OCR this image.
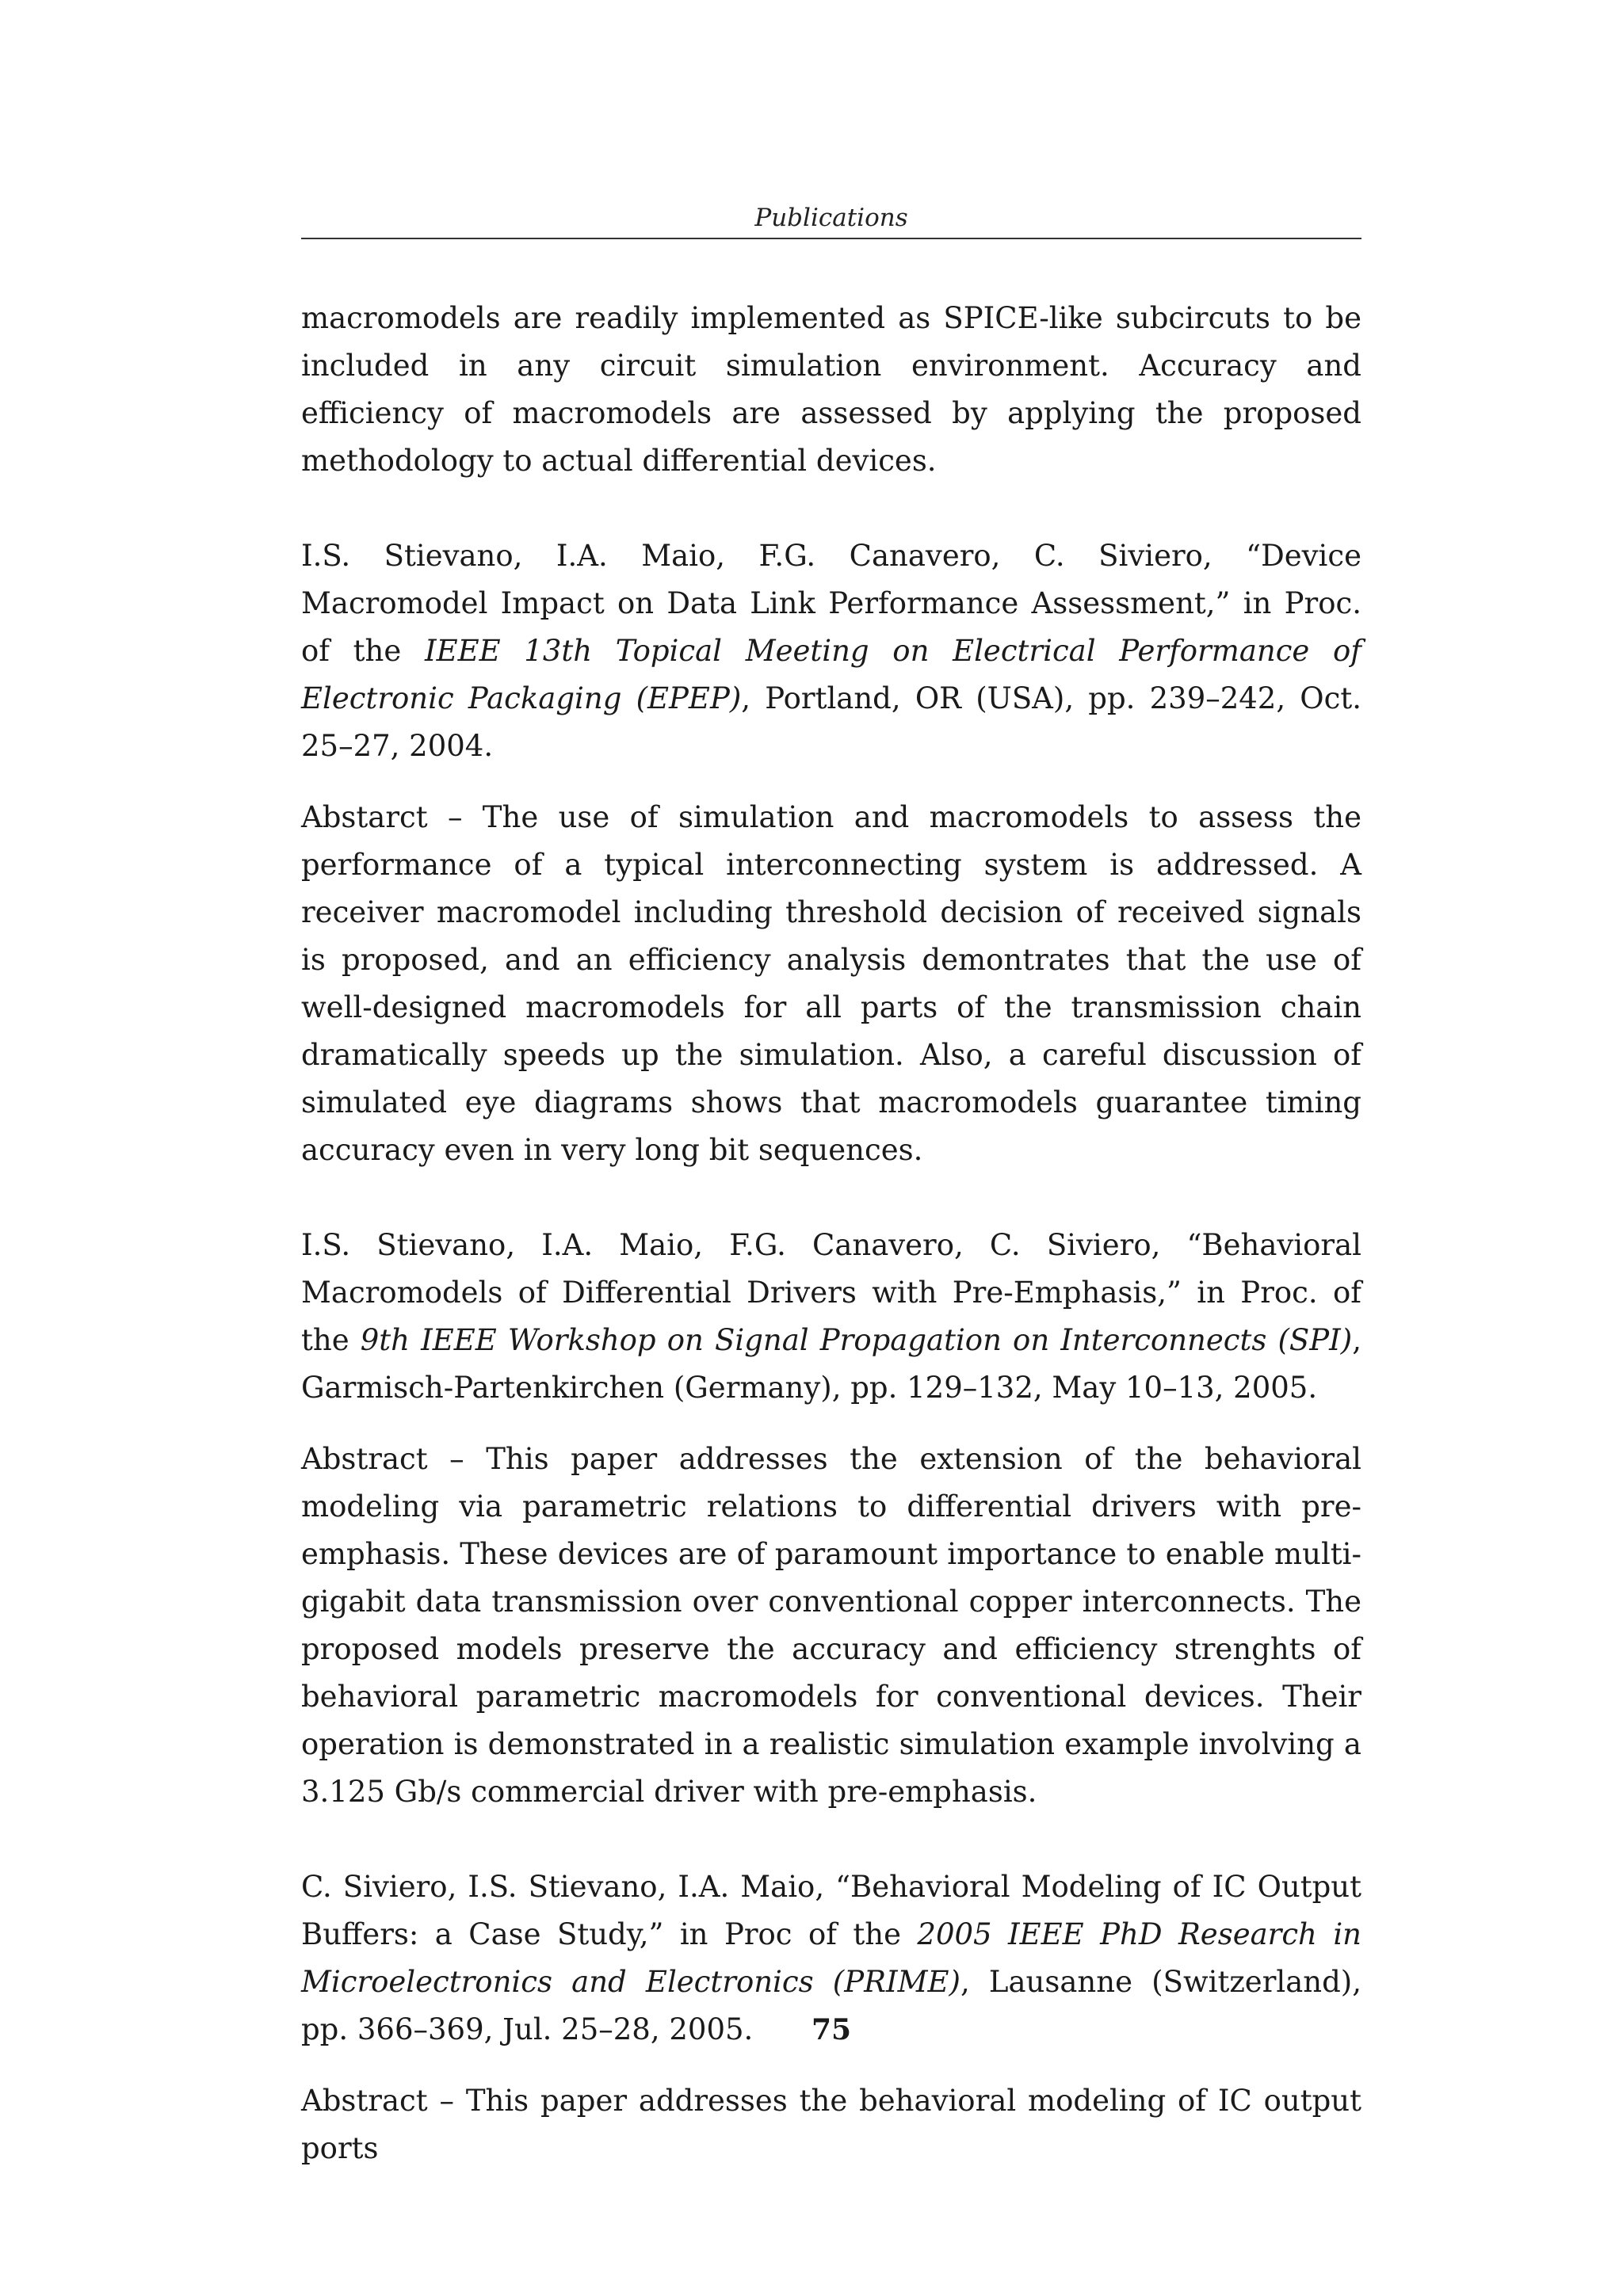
Publications

macromodels are readily implemented as SPICE-like subcircuts to be included in any circuit simulation environment. Accuracy and efficiency of macromodels are assessed by applying the proposed methodology to actual differential devices.

I.S. Stievano, I.A. Maio, F.G. Canavero, C. Siviero, “Device Macromodel Impact on Data Link Performance Assessment,” in Proc. of the IEEE 13th Topical Meeting on Electrical Performance of Electronic Packaging (EPEP), Portland, OR (USA), pp. 239–242, Oct. 25–27, 2004.

Abstarct – The use of simulation and macromodels to assess the performance of a typical interconnecting system is addressed. A receiver macromodel including threshold decision of received signals is proposed, and an efficiency analysis demontrates that the use of well-designed macromodels for all parts of the transmission chain dramatically speeds up the simulation. Also, a careful discussion of simulated eye diagrams shows that macromodels guarantee timing accuracy even in very long bit sequences.

I.S. Stievano, I.A. Maio, F.G. Canavero, C. Siviero, “Behavioral Macromodels of Differential Drivers with Pre-Emphasis,” in Proc. of the 9th IEEE Workshop on Signal Propagation on Interconnects (SPI), Garmisch-Partenkirchen (Germany), pp. 129–132, May 10–13, 2005.

Abstract – This paper addresses the extension of the behavioral modeling via parametric relations to differential drivers with pre-emphasis. These devices are of paramount importance to enable multi-gigabit data transmission over conventional copper interconnects. The proposed models preserve the accuracy and efficiency strenghts of behavioral parametric macromodels for conventional devices. Their operation is demonstrated in a realistic simulation example involving a 3.125 Gb/s commercial driver with pre-emphasis.

C. Siviero, I.S. Stievano, I.A. Maio, “Behavioral Modeling of IC Output Buffers: a Case Study,” in Proc of the 2005 IEEE PhD Research in Microelectronics and Electronics (PRIME), Lausanne (Switzerland), pp. 366–369, Jul. 25–28, 2005.

Abstract – This paper addresses the behavioral modeling of IC output ports

75
